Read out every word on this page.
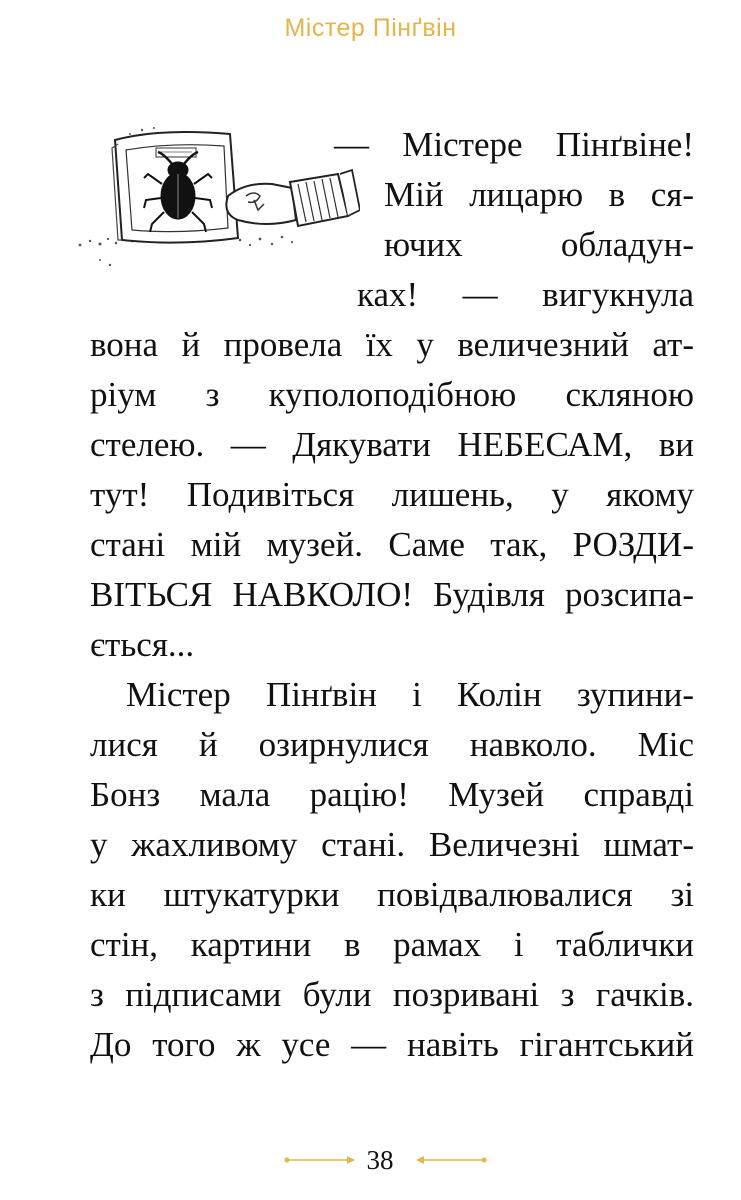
Містер Пінґвін
— Містере Пінґвіне!
Мій лицарю в ся-
ючих обладун-
ках! — вигукнула
вона й провела їх у величезний ат-
ріум з куполоподібною скляною
стелею. — Дякувати НЕБЕСАМ, ви
тут! Подивіться лишень, у якому
стані мій музей. Саме так, РОЗДИ-
ВІТЬСЯ НАВКОЛО! Будівля розсипа-
ється...
Містер Пінґвін і Колін зупини-
лися й озирнулися навколо. Міс
Бонз мала рацію! Музей справді
у жахливому стані. Величезні шмат-
ки штукатурки повідвалювалися зі
стін, картини в рамах і таблички
з підписами були позривані з гачків.
До того ж усе — навіть гігантський
38
